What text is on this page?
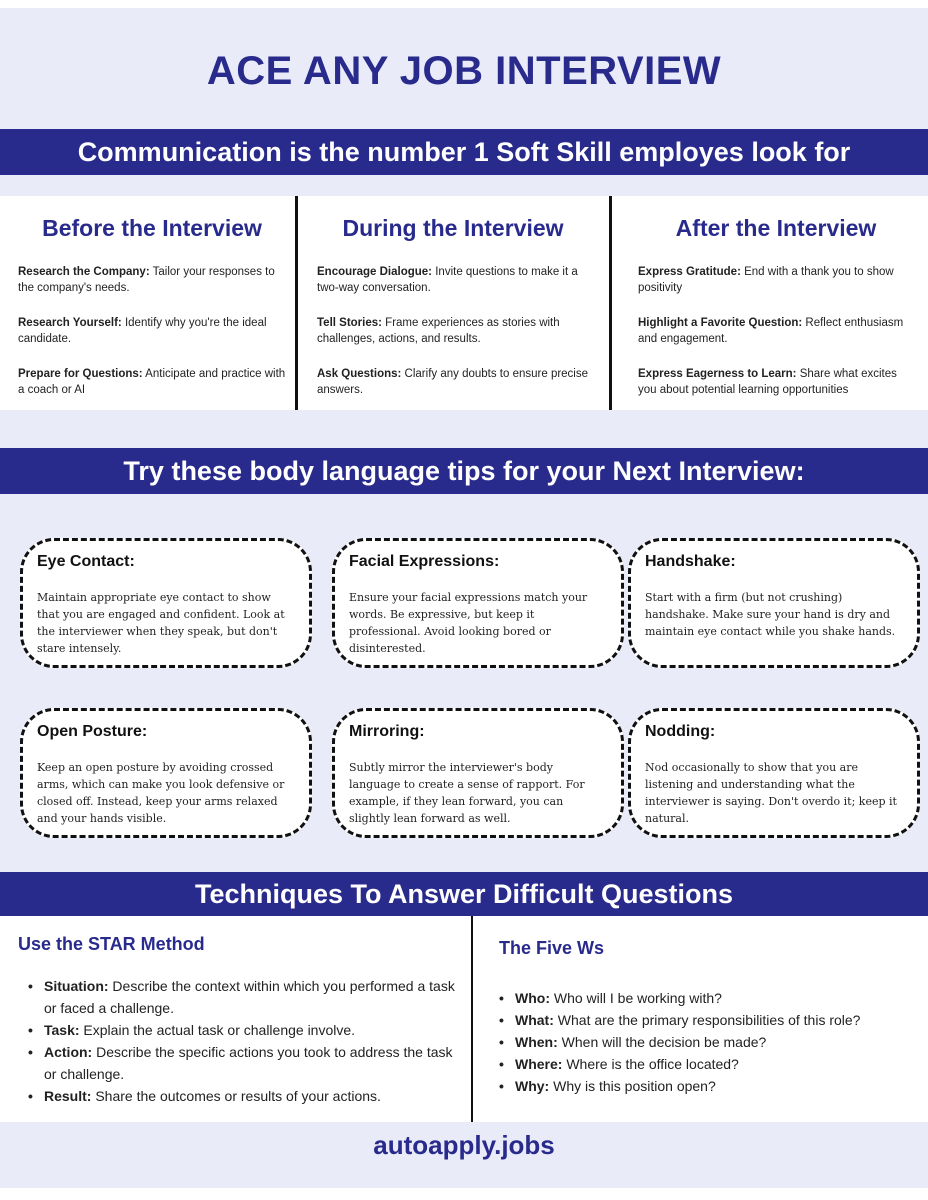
ACE ANY JOB INTERVIEW
Communication is the number 1 Soft Skill employes look for
Before the Interview
Research the Company: Tailor your responses to the company's needs.
Research Yourself: Identify why you're the ideal candidate.
Prepare for Questions: Anticipate and practice with a coach or AI
During the Interview
Encourage Dialogue: Invite questions to make it a two-way conversation.
Tell Stories: Frame experiences as stories with challenges, actions, and results.
Ask Questions: Clarify any doubts to ensure precise answers.
After the Interview
Express Gratitude: End with a thank you to show positivity
Highlight a Favorite Question: Reflect enthusiasm and engagement.
Express Eagerness to Learn: Share what excites you about potential learning opportunities
Try these body language tips for your Next Interview:
Eye Contact:

Maintain appropriate eye contact to show that you are engaged and confident. Look at the interviewer when they speak, but don't stare intensely.

Facial Expressions:

Ensure your facial expressions match your words. Be expressive, but keep it professional. Avoid looking bored or disinterested.

Handshake:

Start with a firm (but not crushing) handshake. Make sure your hand is dry and maintain eye contact while you shake hands.

Open Posture:

Keep an open posture by avoiding crossed arms, which can make you look defensive or closed off. Instead, keep your arms relaxed and your hands visible.

Mirroring:

Subtly mirror the interviewer's body language to create a sense of rapport. For example, if they lean forward, you can slightly lean forward as well.

Nodding:

Nod occasionally to show that you are listening and understanding what the interviewer is saying. Don't overdo it; keep it natural.

Techniques To Answer Difficult Questions
Use the STAR Method
• Situation: Describe the context within which you performed a task or faced a challenge.
• Task: Explain the actual task or challenge involve.
• Action: Describe the specific actions you took to address the task or challenge.
• Result: Share the outcomes or results of your actions.
The Five Ws
• Who: Who will I be working with?
• What: What are the primary responsibilities of this role?
• When: When will the decision be made?
• Where: Where is the office located?
• Why: Why is this position open?
autoapply.jobs
